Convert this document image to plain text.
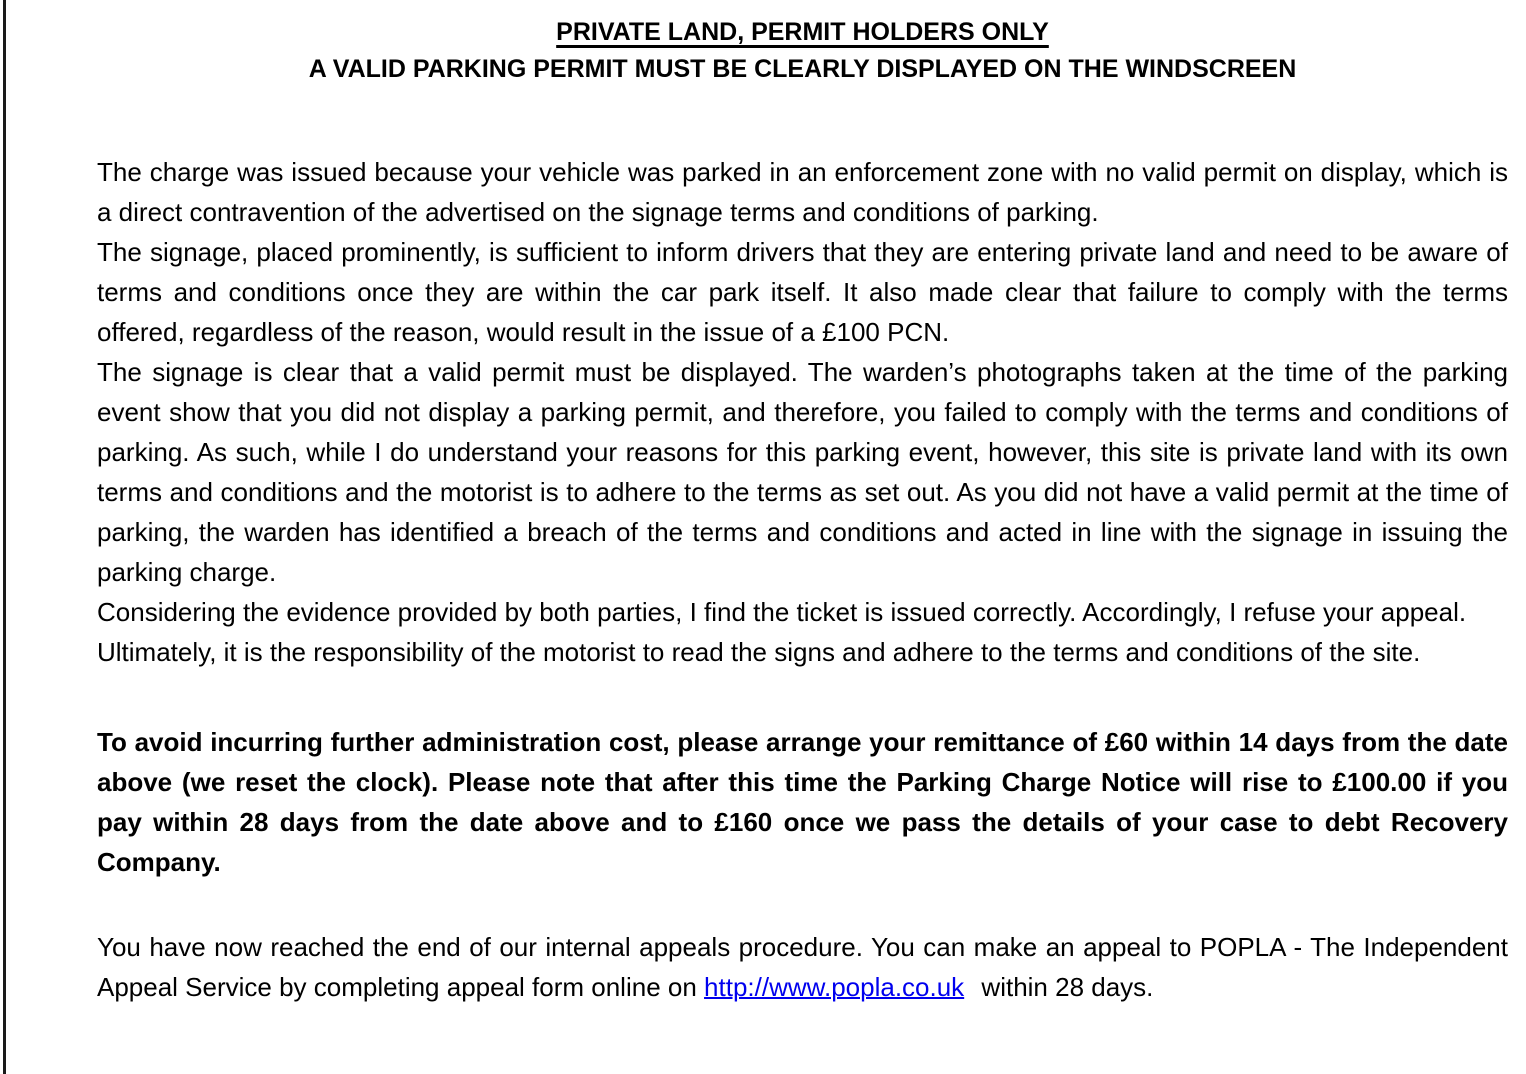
PRIVATE LAND, PERMIT HOLDERS ONLY

A VALID PARKING PERMIT MUST BE CLEARLY DISPLAYED ON THE WINDSCREEN

The charge was issued because your vehicle was parked in an enforcement zone with no valid permit on display, which is a direct contravention of the advertised on the signage terms and conditions of parking.

The signage, placed prominently, is sufficient to inform drivers that they are entering private land and need to be aware of terms and conditions once they are within the car park itself. It also made clear that failure to comply with the terms offered, regardless of the reason, would result in the issue of a £100 PCN.

The signage is clear that a valid permit must be displayed. The warden’s photographs taken at the time of the parking event show that you did not display a parking permit, and therefore, you failed to comply with the terms and conditions of parking. As such, while I do understand your reasons for this parking event, however, this site is private land with its own terms and conditions and the motorist is to adhere to the terms as set out. As you did not have a valid permit at the time of parking, the warden has identified a breach of the terms and conditions and acted in line with the signage in issuing the parking charge.

Considering the evidence provided by both parties, I find the ticket is issued correctly. Accordingly, I refuse your appeal.

Ultimately, it is the responsibility of the motorist to read the signs and adhere to the terms and conditions of the site.

To avoid incurring further administration cost, please arrange your remittance of £60 within 14 days from the date above (we reset the clock). Please note that after this time the Parking Charge Notice will rise to £100.00 if you pay within 28 days from the date above and to £160 once we pass the details of your case to debt Recovery Company.

You have now reached the end of our internal appeals procedure. You can make an appeal to POPLA - The Independent Appeal Service by completing appeal form online on http://www.popla.co.uk within 28 days.
